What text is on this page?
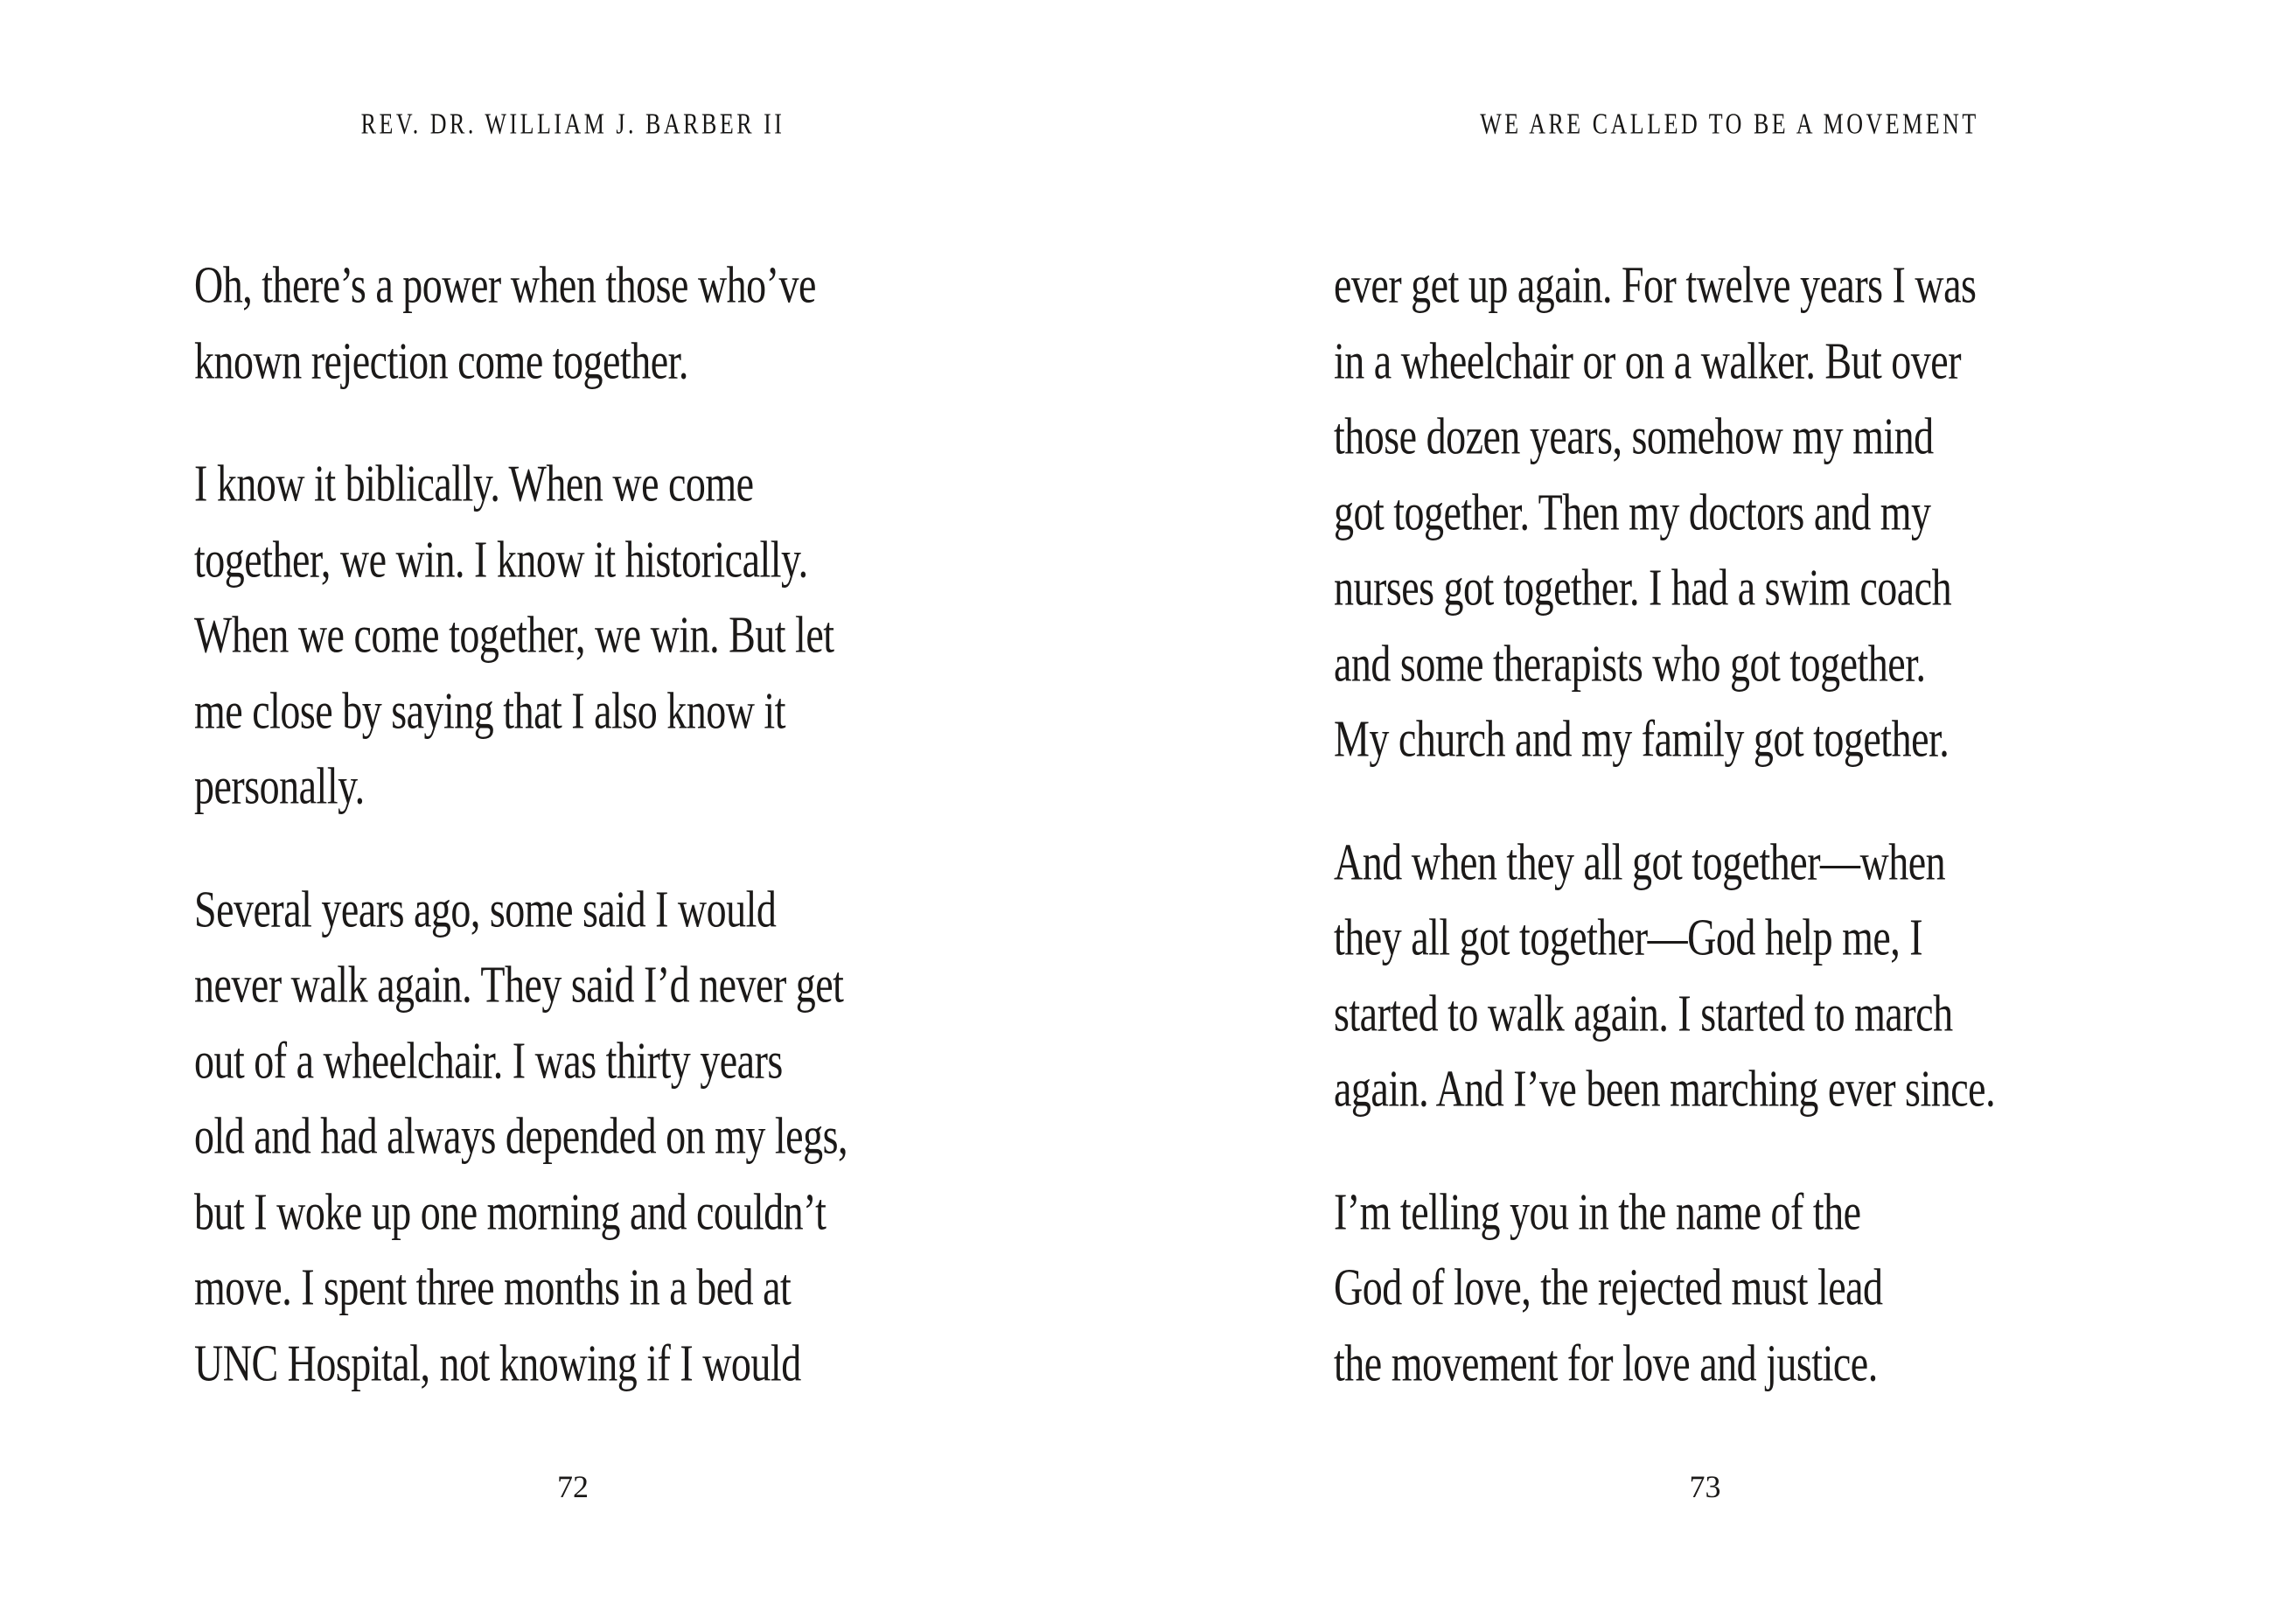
REV. DR. WILLIAM J. BARBER II

Oh, there’s a power when those who’ve
known rejection come together.

I know it biblically. When we come
together, we win. I know it historically.
When we come together, we win. But let
me close by saying that I also know it
personally.

Several years ago, some said I would
never walk again. They said I’d never get
out of a wheelchair. I was thirty years
old and had always depended on my legs,
but I woke up one morning and couldn’t
move. I spent three months in a bed at
UNC Hospital, not knowing if I would

72
WE ARE CALLED TO BE A MOVEMENT

ever get up again. For twelve years I was
in a wheelchair or on a walker. But over
those dozen years, somehow my mind
got together. Then my doctors and my
nurses got together. I had a swim coach
and some therapists who got together.
My church and my family got together.

And when they all got together—when
they all got together—God help me, I
started to walk again. I started to march
again. And I’ve been marching ever since.

I’m telling you in the name of the
God of love, the rejected must lead
the movement for love and justice.

73
